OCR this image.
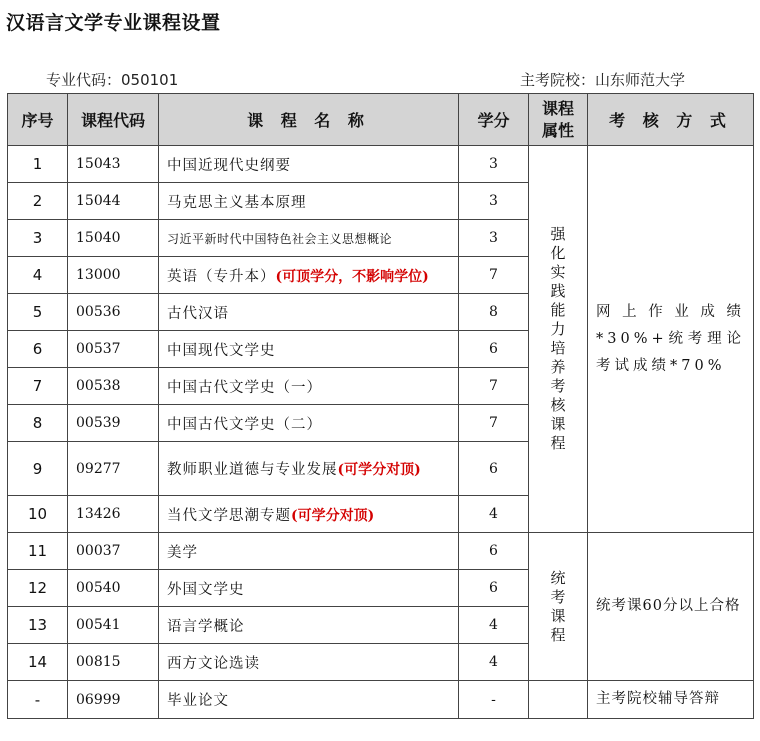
汉语言文学专业课程设置
专业代码：050101	主考院校：山东师范大学
序号	课程代码	课 程 名 称	学分	课程属性	考 核 方 式
1	15043	中国近现代史纲要	3	强化实践能力培养考核课程	网上作业成绩*30%+统考理论考试成绩*70%
2	15044	马克思主义基本原理	3		
3	15040	习近平新时代中国特色社会主义思想概论	3		
4	13000	英语（专升本）(可顶学分，不影响学位)	7		
5	00536	古代汉语	8		
6	00537	中国现代文学史	6		
7	00538	中国古代文学史（一）	7		
8	00539	中国古代文学史（二）	7		
9	09277	教师职业道德与专业发展(可学分对顶)	6		
10	13426	当代文学思潮专题(可学分对顶)	4		
11	00037	美学	6	统考课程	统考课60分以上合格
12	00540	外国文学史	6		
13	00541	语言学概论	4		
14	00815	西方文论选读	4		
-	06999	毕业论文	-		主考院校辅导答辩
